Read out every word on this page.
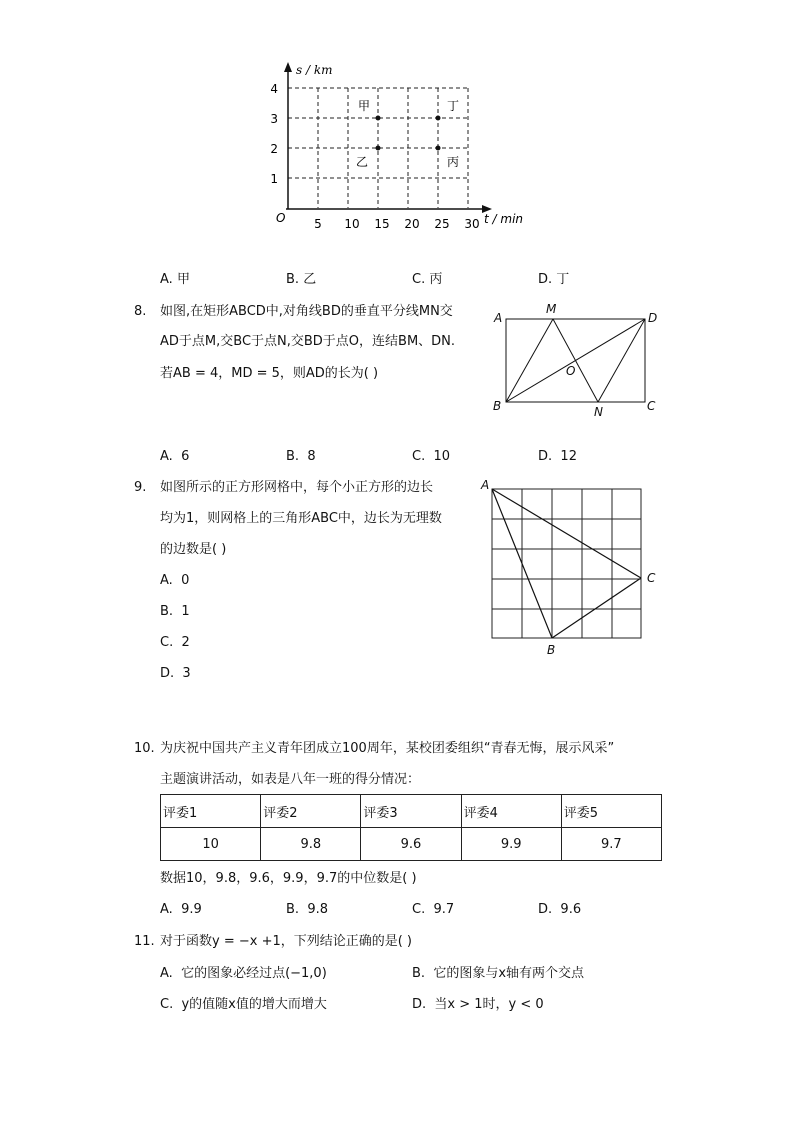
s / km
t / min
O 5 10 15 20 25 30
1
2
3
4
甲
乙	丙
丁
A. 甲	B. 乙	C. 丙	D. 丁
8. 如图,在矩形ABCD中,对角线BD的垂直平分线MN交
AD于点M,交BC于点N,交BD于点O，连结BM、DN.
若AB = 4，MD = 5，则AD的长为( )
A
M
D
O
B	N	C
A. 6	B. 8	C. 10	D. 12
9. 如图所示的正方形网格中，每个小正方形的边长
均为1，则网格上的三角形ABC中，边长为无理数
的边数是( )
A. 0
B. 1
C. 2
D. 3
A
C
B
10. 为庆祝中国共产主义青年团成立100周年，某校团委组织“青春无悔，展示风采”
主题演讲活动，如表是八年一班的得分情况：
评委1	评委2	评委3	评委4	评委5
10	9.8	9.6	9.9	9.7
数据10，9.8，9.6，9.9，9.7的中位数是( )
A. 9.9	B. 9.8	C. 9.7	D. 9.6
11. 对于函数y = −x +1，下列结论正确的是( )
A. 它的图象必经过点(−1,0)	B. 它的图象与x轴有两个交点
C. y的值随x值的增大而增大	D. 当x > 1时，y < 0
